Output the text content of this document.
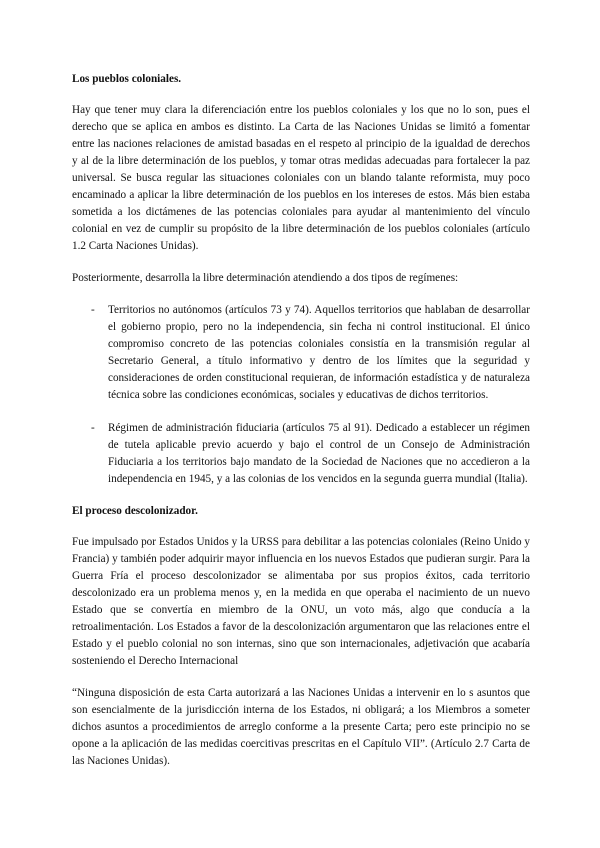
Los pueblos coloniales.

Hay que tener muy clara la diferenciación entre los pueblos coloniales y los que no lo son, pues el derecho que se aplica en ambos es distinto. La Carta de las Naciones Unidas se limitó a fomentar entre las naciones relaciones de amistad basadas en el respeto al principio de la igualdad de derechos y al de la libre determinación de los pueblos, y tomar otras medidas adecuadas para fortalecer la paz universal. Se busca regular las situaciones coloniales con un blando talante reformista, muy poco encaminado a aplicar la libre determinación de los pueblos en los intereses de estos. Más bien estaba sometida a los dictámenes de las potencias coloniales para ayudar al mantenimiento del vínculo colonial en vez de cumplir su propósito de la libre determinación de los pueblos coloniales (artículo 1.2 Carta Naciones Unidas).

Posteriormente, desarrolla la libre determinación atendiendo a dos tipos de regímenes:

- Territorios no autónomos (artículos 73 y 74). Aquellos territorios que hablaban de desarrollar el gobierno propio, pero no la independencia, sin fecha ni control institucional. El único compromiso concreto de las potencias coloniales consistía en la transmisión regular al Secretario General, a título informativo y dentro de los límites que la seguridad y consideraciones de orden constitucional requieran, de información estadística y de naturaleza técnica sobre las condiciones económicas, sociales y educativas de dichos territorios.
- Régimen de administración fiduciaria (artículos 75 al 91). Dedicado a establecer un régimen de tutela aplicable previo acuerdo y bajo el control de un Consejo de Administración Fiduciaria a los territorios bajo mandato de la Sociedad de Naciones que no accedieron a la independencia en 1945, y a las colonias de los vencidos en la segunda guerra mundial (Italia).

El proceso descolonizador.

Fue impulsado por Estados Unidos y la URSS para debilitar a las potencias coloniales (Reino Unido y Francia) y también poder adquirir mayor influencia en los nuevos Estados que pudieran surgir. Para la Guerra Fría el proceso descolonizador se alimentaba por sus propios éxitos, cada territorio descolonizado era un problema menos y, en la medida en que operaba el nacimiento de un nuevo Estado que se convertía en miembro de la ONU, un voto más, algo que conducía a la retroalimentación. Los Estados a favor de la descolonización argumentaron que las relaciones entre el Estado y el pueblo colonial no son internas, sino que son internacionales, adjetivación que acabaría sosteniendo el Derecho Internacional

“Ninguna disposición de esta Carta autorizará a las Naciones Unidas a intervenir en lo s asuntos que son esencialmente de la jurisdicción interna de los Estados, ni obligará; a los Miembros a someter dichos asuntos a procedimientos de arreglo conforme a la presente Carta; pero este principio no se opone a la aplicación de las medidas coercitivas prescritas en el Capítulo VII”. (Artículo 2.7 Carta de las Naciones Unidas).
